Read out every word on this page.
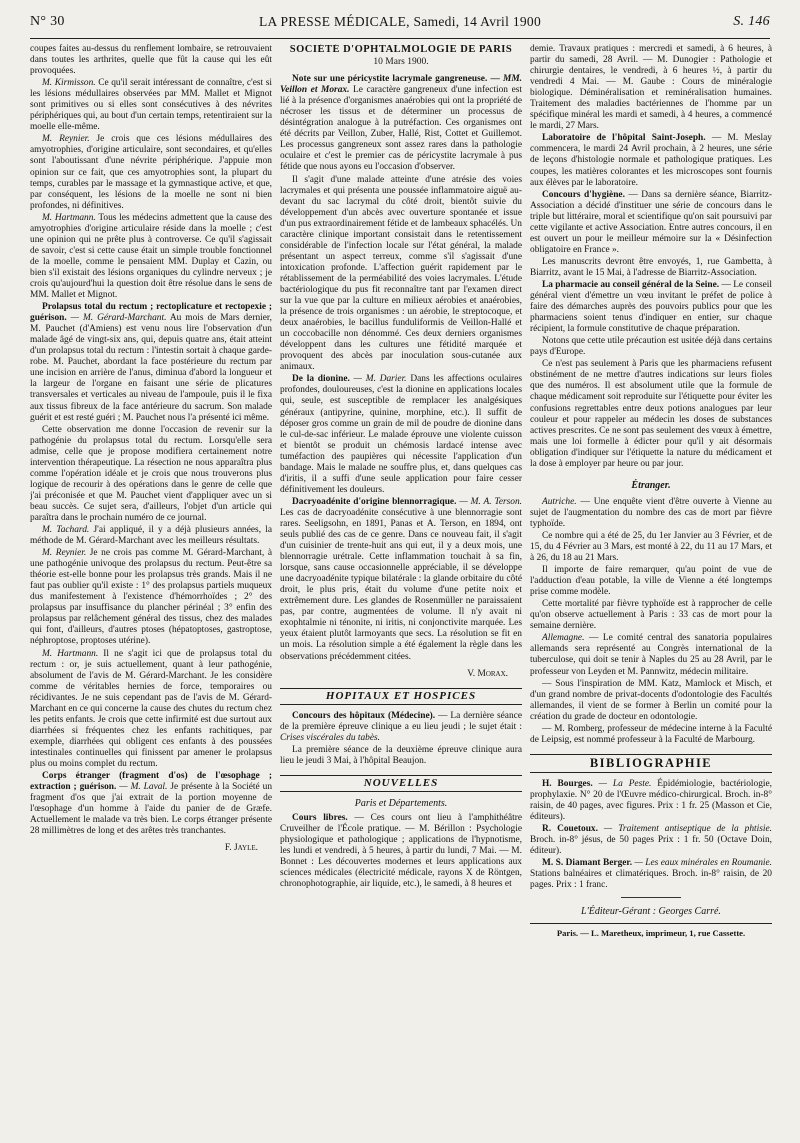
N° 30	LA PRESSE MÉDICALE, Samedi, 14 Avril 1900	S. 146

coupes faites au-dessus du renflement lombaire, se retrouvaient dans toutes les arthrites, quelle que fût la cause qui les eût provoquées.

M. Kirmisson. Ce qu'il serait intéressant de connaître, c'est si les lésions médullaires observées par MM. Mallet et Mignot sont primitives ou si elles sont consécutives à des névrites périphériques qui, au bout d'un certain temps, retentiraient sur la moelle elle-même.

M. Reynier. Je crois que ces lésions médullaires des amyotrophies, d'origine articulaire, sont secondaires, et qu'elles sont l'aboutissant d'une névrite périphérique. J'appuie mon opinion sur ce fait, que ces amyotrophies sont, la plupart du temps, curables par le massage et la gymnastique active, et que, par conséquent, les lésions de la moelle ne sont ni bien profondes, ni définitives.

M. Hartmann. Tous les médecins admettent que la cause des amyotrophies d'origine articulaire réside dans la moelle ; c'est une opinion qui ne prête plus à controverse. Ce qu'il s'agissait de savoir, c'est si cette cause était un simple trouble fonctionnel de la moelle, comme le pensaient MM. Duplay et Cazin, ou bien s'il existait des lésions organiques du cylindre nerveux ; je crois qu'aujourd'hui la question doit être résolue dans le sens de MM. Mallet et Mignot.

Prolapsus total du rectum ; rectoplicature et rectopexie ; guérison. — M. Gérard-Marchant. Au mois de Mars dernier, M. Pauchet (d'Amiens) est venu nous lire l'observation d'un malade âgé de vingt-six ans, qui, depuis quatre ans, était atteint d'un prolapsus total du rectum : l'intestin sortait à chaque garde-robe. M. Pauchet, abordant la face postérieure du rectum par une incision en arrière de l'anus, diminua d'abord la longueur et la largeur de l'organe en faisant une série de plicatures transversales et verticales au niveau de l'ampoule, puis il le fixa aux tissus fibreux de la face antérieure du sacrum. Son malade guérit et est resté guéri ; M. Pauchet nous l'a présenté ici même.

Cette observation me donne l'occasion de revenir sur la pathogénie du prolapsus total du rectum. Lorsqu'elle sera admise, celle que je propose modifiera certainement notre intervention thérapeutique. La résection ne nous apparaîtra plus comme l'opération idéale et je crois que nous trouverons plus logique de recourir à des opérations dans le genre de celle que j'ai préconisée et que M. Pauchet vient d'appliquer avec un si beau succès. Ce sujet sera, d'ailleurs, l'objet d'un article qui paraîtra dans le prochain numéro de ce journal.

M. Tachard. J'ai appliqué, il y a déjà plusieurs années, la méthode de M. Gérard-Marchant avec les meilleurs résultats.

M. Reynier. Je ne crois pas comme M. Gérard-Marchant, à une pathogénie univoque des prolapsus du rectum. Peut-être sa théorie est-elle bonne pour les prolapsus très grands. Mais il ne faut pas oublier qu'il existe : 1° des prolapsus partiels muqueux dus manifestement à l'existence d'hémorrhoïdes ; 2° des prolapsus par insuffisance du plancher périnéal ; 3° enfin des prolapsus par relâchement général des tissus, chez des malades qui font, d'ailleurs, d'autres ptoses (hépatoptoses, gastroptose, néphroptose, proptoses utérine).

M. Hartmann. Il ne s'agit ici que de prolapsus total du rectum : or, je suis actuellement, quant à leur pathogénie, absolument de l'avis de M. Gérard-Marchant. Je les considère comme de véritables hernies de force, temporaires ou récidivantes. Je ne suis cependant pas de l'avis de M. Gérard-Marchant en ce qui concerne la cause des chutes du rectum chez les petits enfants. Je crois que cette infirmité est due surtout aux diarrhées si fréquentes chez les enfants rachitiques, par exemple, diarrhées qui obligent ces enfants à des poussées intestinales continuelles qui finissent par amener le prolapsus plus ou moins complet du rectum.

Corps étranger (fragment d'os) de l'œsophage ; extraction ; guérison. — M. Laval. Je présente à la Société un fragment d'os que j'ai extrait de la portion moyenne de l'œsophage d'un homme à l'aide du panier de de Græfe. Actuellement le malade va très bien. Le corps étranger présente 28 millimètres de long et des arêtes très tranchantes.

F. Jayle.

SOCIÉTÉ D'OPHTALMOLOGIE DE PARIS
10 Mars 1900.

Note sur une péricystite lacrymale gangreneuse. — MM. Veillon et Morax. Le caractère gangreneux d'une infection est lié à la présence d'organismes anaérobies qui ont la propriété de nécroser les tissus et de déterminer un processus de désintégration analogue à la putréfaction. Ces organismes ont été décrits par Veillon, Zuber, Hallé, Rist, Cottet et Guillemot. Les processus gangreneux sont assez rares dans la pathologie oculaire et c'est le premier cas de péricystite lacrymale à pus fétide que nous ayons eu l'occasion d'observer.

Il s'agit d'une malade atteinte d'une atrésie des voies lacrymales et qui présenta une poussée inflammatoire aiguë au-devant du sac lacrymal du côté droit, bientôt suivie du développement d'un abcès avec ouverture spontanée et issue d'un pus extraordinairement fétide et de lambeaux sphacélés. Un caractère clinique important consistait dans le retentissement considérable de l'infection locale sur l'état général, la malade présentant un aspect terreux, comme s'il s'agissait d'une intoxication profonde. L'affection guérit rapidement par le rétablissement de la perméabilité des voies lacrymales. L'étude bactériologique du pus fit reconnaître tant par l'examen direct sur la vue que par la culture en milieux aérobies et anaérobies, la présence de trois organismes : un aérobie, le streptocoque, et deux anaérobies, le bacillus funduliformis de Veillon-Hallé et un coccobacille non dénommé. Ces deux derniers organismes développent dans les cultures une fétidité marquée et provoquent des abcès par inoculation sous-cutanée aux animaux.

De la dionine. — M. Darier. Dans les affections oculaires profondes, douloureuses, c'est la dionine en applications locales qui, seule, est susceptible de remplacer les analgésiques généraux (antipyrine, quinine, morphine, etc.). Il suffit de déposer gros comme un grain de mil de poudre de dionine dans le cul-de-sac inférieur. Le malade éprouve une violente cuisson et bientôt se produit un chémosis lardacé intense avec tuméfaction des paupières qui nécessite l'application d'un bandage. Mais le malade ne souffre plus, et, dans quelques cas d'iritis, il a suffi d'une seule application pour faire cesser définitivement les douleurs.

Dacryoadénite d'origine blennorragique. — M. A. Terson. Les cas de dacryoadénite consécutive à une blennorragie sont rares. Seeligsohn, en 1891, Panas et A. Terson, en 1894, ont seuls publié des cas de ce genre. Dans ce nouveau fait, il s'agit d'un cuisinier de trente-huit ans qui eut, il y a deux mois, une blennorragie urétrale. Cette inflammation touchait à sa fin, lorsque, sans cause occasionnelle appréciable, il se développe une dacryoadénite typique bilatérale : la glande orbitaire du côté droit, le plus pris, était du volume d'une petite noix et extrêmement dure. Les glandes de Rosenmüller ne paraissaient pas, par contre, augmentées de volume. Il n'y avait ni exophtalmie ni ténonite, ni iritis, ni conjonctivite marquée. Les yeux étaient plutôt larmoyants que secs. La résolution se fit en un mois. La résolution simple a été également la règle dans les observations précédemment citées.

V. Morax.

HOPITAUX ET HOSPICES

Concours des hôpitaux (Médecine). — La dernière séance de la première épreuve clinique a eu lieu jeudi ; le sujet était : Crises viscérales du tabès.

La première séance de la deuxième épreuve clinique aura lieu le jeudi 3 Mai, à l'hôpital Beaujon.

NOUVELLES
Paris et Départements.

Cours libres. — Ces cours ont lieu à l'amphithéâtre Cruveilher de l'École pratique. — M. Bérillon : Psychologie physiologique et pathologique ; applications de l'hypnotisme, les lundi et vendredi, à 5 heures, à partir du lundi, 7 Mai. — M. Bonnet : Les découvertes modernes et leurs applications aux sciences médicales (électricité médicale, rayons X de Röntgen, chronophotographie, air liquide, etc.), le samedi, à 8 heures et

demie. Travaux pratiques : mercredi et samedi, à 6 heures, à partir du samedi, 28 Avril. — M. Dunogier : Pathologie et chirurgie dentaires, le vendredi, à 6 heures ½, à partir du vendredi 4 Mai. — M. Gaube : Cours de minéralogie biologique. Déminéralisation et reminéralisation humaines. Traitement des maladies bactériennes de l'homme par un spécifique minéral les mardi et samedi, à 4 heures, a commencé le mardi, 27 Mars.

Laboratoire de l'hôpital Saint-Joseph. — M. Meslay commencera, le mardi 24 Avril prochain, à 2 heures, une série de leçons d'histologie normale et pathologique pratiques. Les coupes, les matières colorantes et les microscopes sont fournis aux élèves par le laboratoire.

Concours d'hygiène. — Dans sa dernière séance, Biarritz-Association a décidé d'instituer une série de concours dans le triple but littéraire, moral et scientifique qu'on sait poursuivi par cette vigilante et active Association. Entre autres concours, il en est ouvert un pour le meilleur mémoire sur la « Désinfection obligatoire en France ».

Les manuscrits devront être envoyés, 1, rue Gambetta, à Biarritz, avant le 15 Mai, à l'adresse de Biarritz-Association.

La pharmacie au conseil général de la Seine. — Le conseil général vient d'émettre un vœu invitant le préfet de police à faire des démarches auprès des pouvoirs publics pour que les pharmaciens soient tenus d'indiquer en entier, sur chaque récipient, la formule constitutive de chaque préparation.

Notons que cette utile précaution est usitée déjà dans certains pays d'Europe.

Ce n'est pas seulement à Paris que les pharmaciens refusent obstinément de ne mettre d'autres indications sur leurs fioles que des numéros. Il est absolument utile que la formule de chaque médicament soit reproduite sur l'étiquette pour éviter les confusions regrettables entre deux potions analogues par leur couleur et pour rappeler au médecin les doses de substances actives prescrites. Ce ne sont pas seulement des vœux à émettre, mais une loi formelle à édicter pour qu'il y ait désormais obligation d'indiquer sur l'étiquette la nature du médicament et la dose à employer par heure ou par jour.

Étranger.

Autriche. — Une enquête vient d'être ouverte à Vienne au sujet de l'augmentation du nombre des cas de mort par fièvre typhoïde.

Ce nombre qui a été de 25, du 1er Janvier au 3 Février, et de 15, du 4 Février au 3 Mars, est monté à 22, du 11 au 17 Mars, et à 26, du 18 au 21 Mars.

Il importe de faire remarquer, qu'au point de vue de l'adduction d'eau potable, la ville de Vienne a été longtemps prise comme modèle.

Cette mortalité par fièvre typhoïde est à rapprocher de celle qu'on observe actuellement à Paris : 33 cas de mort pour la semaine dernière.

Allemagne. — Le comité central des sanatoria populaires allemands sera représenté au Congrès international de la tuberculose, qui doit se tenir à Naples du 25 au 28 Avril, par le professeur von Leyden et M. Pannwitz, médecin militaire.

— Sous l'inspiration de MM. Katz, Mamlock et Misch, et d'un grand nombre de privat-docents d'odontologie des Facultés allemandes, il vient de se former à Berlin un comité pour la création du grade de docteur en odontologie.

— M. Romberg, professeur de médecine interne à la Faculté de Leipsig, est nommé professeur à la Faculté de Marbourg.

BIBLIOGRAPHIE

H. Bourges. — La Peste. Épidémiologie, bactériologie, prophylaxie. N° 20 de l'Œuvre médico-chirurgical. Broch. in-8° raisin, de 40 pages, avec figures. Prix : 1 fr. 25 (Masson et Cie, éditeurs).

R. Couetoux. — Traitement antiseptique de la phtisie. Broch. in-8° jésus, de 50 pages Prix : 1 fr. 50 (Octave Doin, éditeur).

M. S. Diamant Berger. — Les eaux minérales en Roumanie. Stations balnéaires et climatériques. Broch. in-8° raisin, de 20 pages. Prix : 1 franc.

L'Éditeur-Gérant : Georges Carré.
Paris. — L. Maretheux, imprimeur, 1, rue Cassette.
